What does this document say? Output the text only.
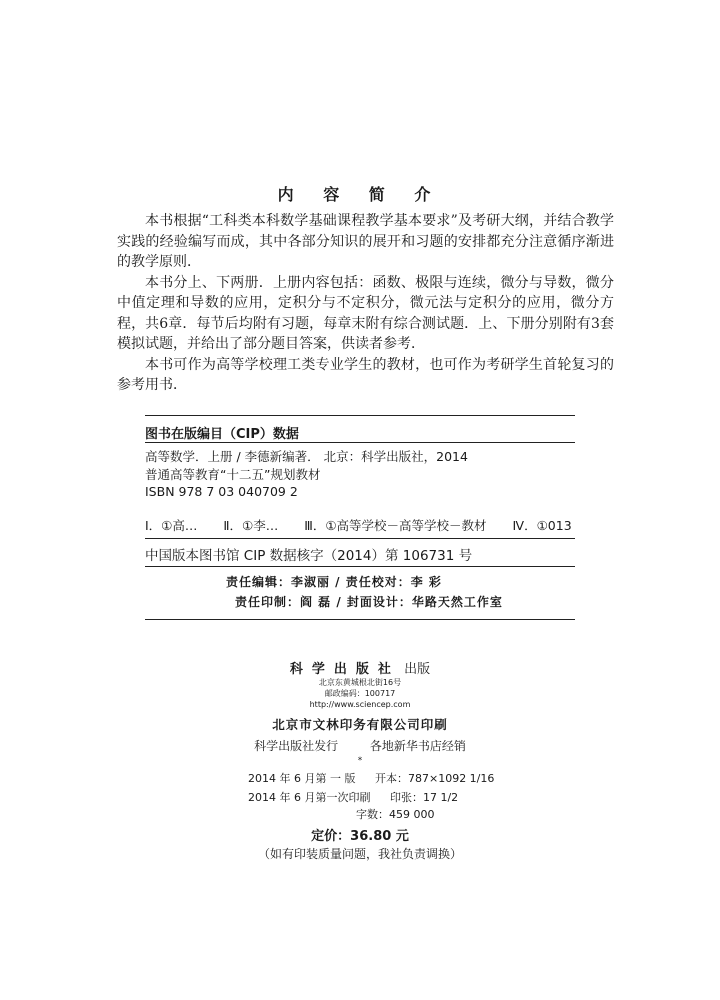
内 容 简 介

本书根据“工科类本科数学基础课程教学基本要求”及考研大纲，并结合教学实践的经验编写而成，其中各部分知识的展开和习题的安排都充分注意循序渐进的教学原则．

本书分上、下两册．上册内容包括：函数、极限与连续，微分与导数，微分中值定理和导数的应用，定积分与不定积分，微元法与定积分的应用，微分方程，共6章．每节后均附有习题，每章末附有综合测试题．上、下册分别附有3套模拟试题，并给出了部分题目答案，供读者参考．

本书可作为高等学校理工类专业学生的教材，也可作为考研学生首轮复习的参考用书．

图书在版编目（CIP）数据
高等数学．上册 / 李德新编著． 北京：科学出版社，2014
普通高等教育“十二五”规划教材
ISBN 978 7 03 040709 2
Ⅰ．①高… Ⅱ．①李… Ⅲ．①高等学校－高等学校－教材 Ⅳ．①013
中国版本图书馆 CIP 数据核字（2014）第 106731 号
责任编辑：李淑丽 / 责任校对：李 彩
责任印制：阎 磊 / 封面设计：华路天然工作室
科学出版社 出版
北京东黄城根北街16号
邮政编码：100717
http://www.sciencep.com
北京市文林印务有限公司印刷
科学出版社发行	各地新华书店经销
*
2014 年 6 月第 一 版 开本：787×1092 1/16
2014 年 6 月第一次印刷 印张：17 1/2
字数：459 000
定价：36.80 元
（如有印装质量问题，我社负责调换）
